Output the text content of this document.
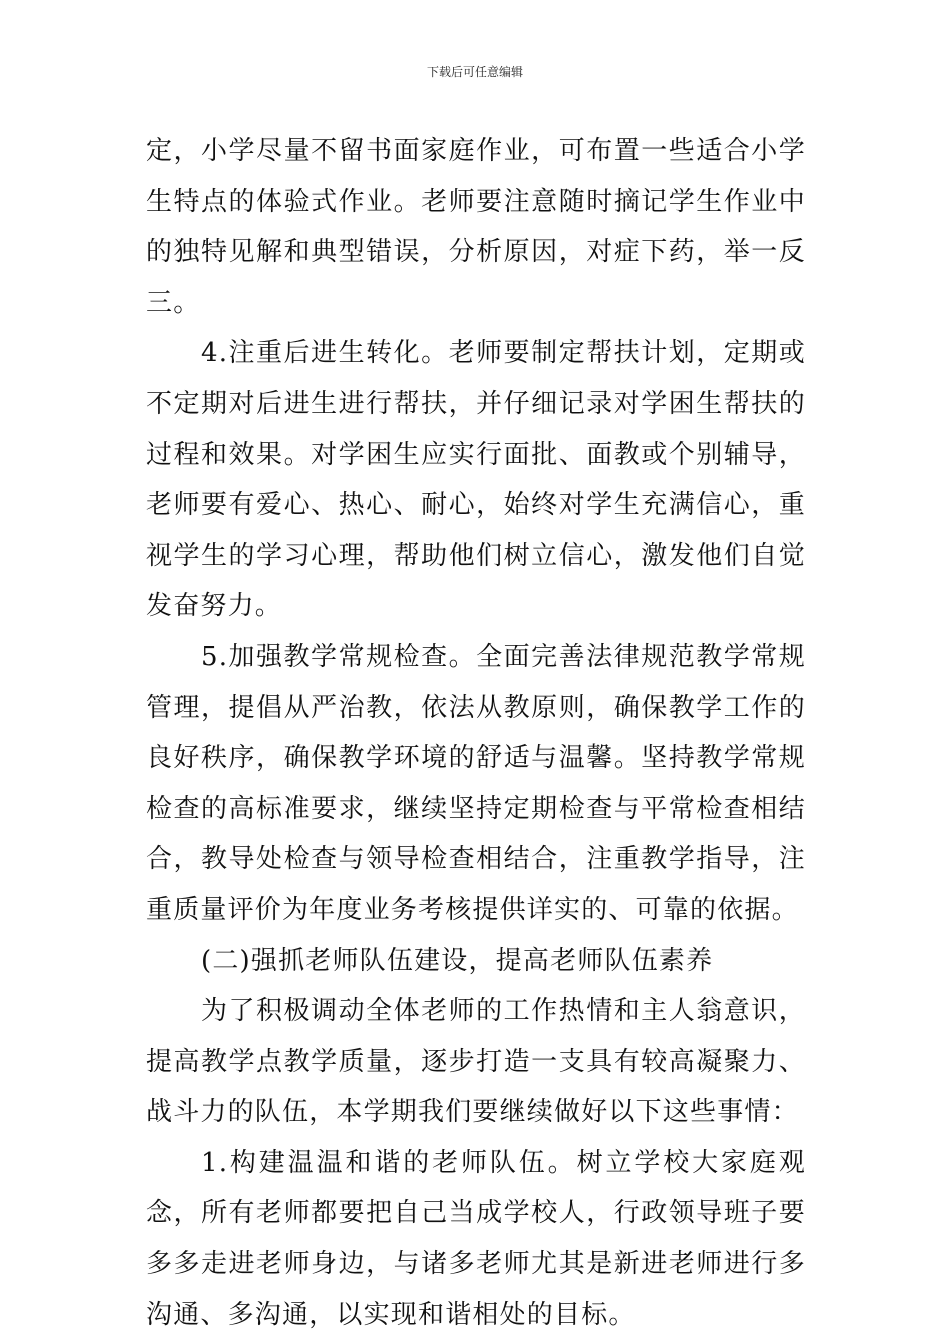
下载后可任意编辑

定，小学尽量不留书面家庭作业，可布置一些适合小学生特点的体验式作业。老师要注意随时摘记学生作业中的独特见解和典型错误，分析原因，对症下药，举一反三。

4.注重后进生转化。老师要制定帮扶计划，定期或不定期对后进生进行帮扶，并仔细记录对学困生帮扶的过程和效果。对学困生应实行面批、面教或个别辅导，老师要有爱心、热心、耐心，始终对学生充满信心，重视学生的学习心理，帮助他们树立信心，激发他们自觉发奋努力。

5.加强教学常规检查。全面完善法律规范教学常规管理，提倡从严治教，依法从教原则，确保教学工作的良好秩序，确保教学环境的舒适与温馨。坚持教学常规检查的高标准要求，继续坚持定期检查与平常检查相结合，教导处检查与领导检查相结合，注重教学指导，注重质量评价为年度业务考核提供详实的、可靠的依据。

(二)强抓老师队伍建设，提高老师队伍素养

为了积极调动全体老师的工作热情和主人翁意识，提高教学点教学质量，逐步打造一支具有较高凝聚力、战斗力的队伍，本学期我们要继续做好以下这些事情：

1.构建温温和谐的老师队伍。树立学校大家庭观念，所有老师都要把自己当成学校人，行政领导班子要多多走进老师身边，与诸多老师尤其是新进老师进行多沟通、多沟通，以实现和谐相处的目标。
